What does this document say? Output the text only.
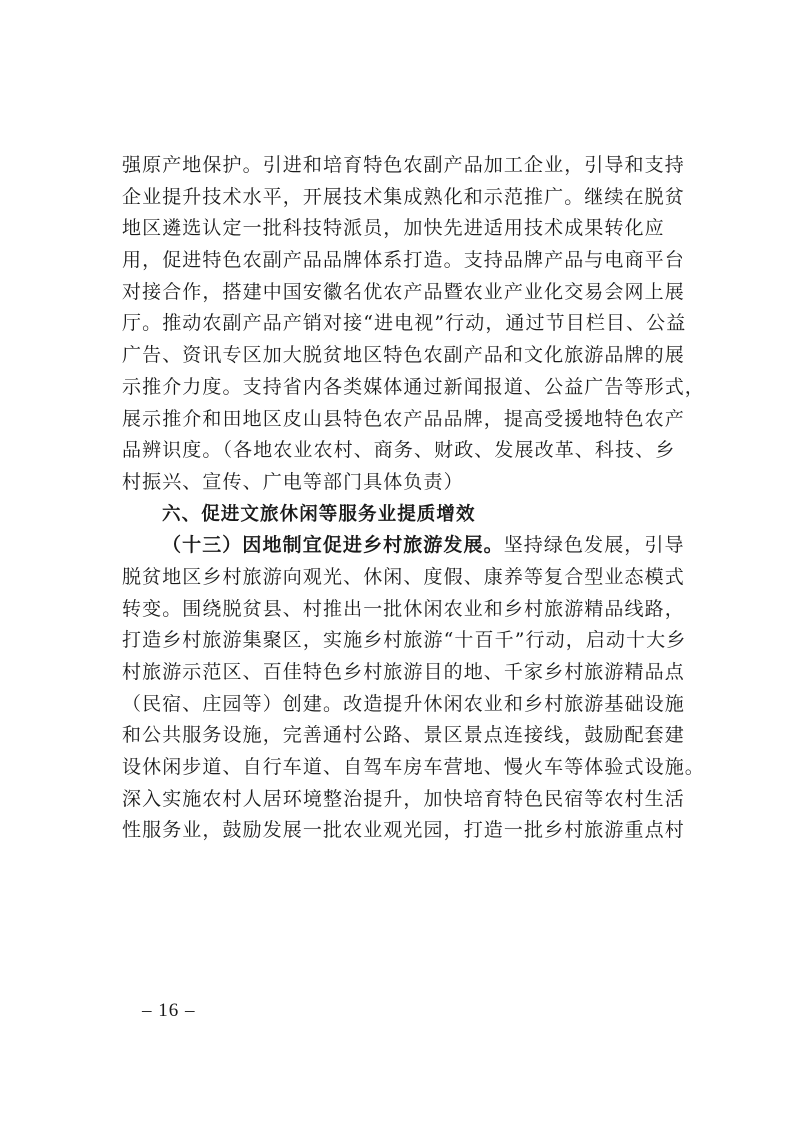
强原产地保护。引进和培育特色农副产品加工企业，引导和支持
企业提升技术水平，开展技术集成熟化和示范推广。继续在脱贫
地区遴选认定一批科技特派员，加快先进适用技术成果转化应
用，促进特色农副产品品牌体系打造。支持品牌产品与电商平台
对接合作，搭建中国安徽名优农产品暨农业产业化交易会网上展
厅。推动农副产品产销对接“进电视”行动，通过节目栏目、公益
广告、资讯专区加大脱贫地区特色农副产品和文化旅游品牌的展
示推介力度。支持省内各类媒体通过新闻报道、公益广告等形式，
展示推介和田地区皮山县特色农产品品牌，提高受援地特色农产
品辨识度。（各地农业农村、商务、财政、发展改革、科技、乡
村振兴、宣传、广电等部门具体负责）
六、促进文旅休闲等服务业提质增效
（十三）因地制宜促进乡村旅游发展。坚持绿色发展，引导
脱贫地区乡村旅游向观光、休闲、度假、康养等复合型业态模式
转变。围绕脱贫县、村推出一批休闲农业和乡村旅游精品线路，
打造乡村旅游集聚区，实施乡村旅游“十百千”行动，启动十大乡
村旅游示范区、百佳特色乡村旅游目的地、千家乡村旅游精品点
（民宿、庄园等）创建。改造提升休闲农业和乡村旅游基础设施
和公共服务设施，完善通村公路、景区景点连接线，鼓励配套建
设休闲步道、自行车道、自驾车房车营地、慢火车等体验式设施。
深入实施农村人居环境整治提升，加快培育特色民宿等农村生活
性服务业，鼓励发展一批农业观光园，打造一批乡村旅游重点村
– 16 –
